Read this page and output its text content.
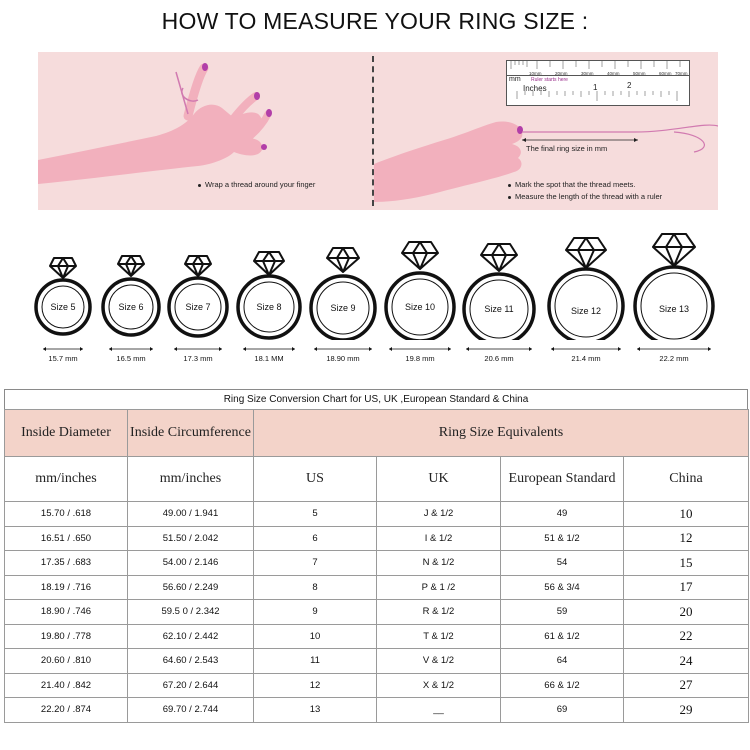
HOW TO MEASURE YOUR RING SIZE :
Wrap a thread around your finger
10mm	20mm	30mm	40mm	50mm	60mm 70mm
mm Ruler starts here
Inches	1	2
The final ring size in mm
Mark the spot that the thread meets.
Measure the length of the thread with a ruler
Size 5
15.7 mm
Size 6
16.5 mm
Size 7
17.3 mm
Size 8
18.1 MM
Size 9
18.90 mm
Size 10
19.8 mm
Size 11
20.6 mm
Size 12
21.4 mm
Size 13
22.2 mm
Ring Size Conversion Chart for US, UK ,European Standard & China
Inside Diameter	Inside Circumference	Ring Size Equivalents			
mm/inches	mm/inches	US	UK	European Standard	China
15.70 / .618	49.00 / 1.941	5	J & 1/2	49	10
16.51 / .650	51.50 / 2.042	6	I & 1/2	51 & 1/2	12
17.35 / .683	54.00 / 2.146	7	N & 1/2	54	15
18.19 / .716	56.60 / 2.249	8	P & 1 /2	56 & 3/4	17
18.90 / .746	59.5 0 / 2.342	9	R & 1/2	59	20
19.80 / .778	62.10 / 2.442	10	T & 1/2	61 & 1/2	22
20.60 / .810	64.60 / 2.543	11	V & 1/2	64	24
21.40 / .842	67.20 / 2.644	12	X & 1/2	66 & 1/2	27
22.20 / .874	69.70 / 2.744	13	__	69	29
